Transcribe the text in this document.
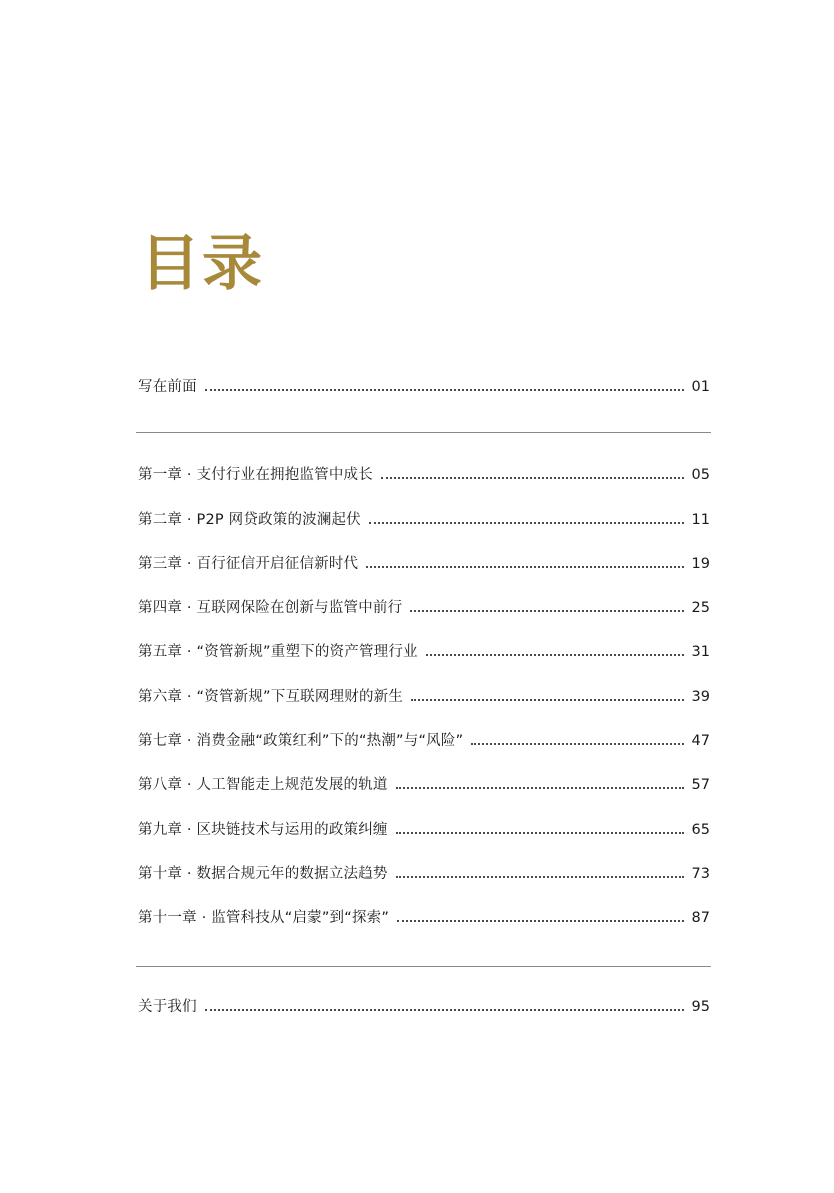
目录
写在前面	01
第一章 · 支付行业在拥抱监管中成长	05
第二章 · P2P 网贷政策的波澜起伏	11
第三章 · 百行征信开启征信新时代	19
第四章 · 互联网保险在创新与监管中前行	25
第五章 · “资管新规”重塑下的资产管理行业	31
第六章 · “资管新规”下互联网理财的新生	39
第七章 · 消费金融“政策红利”下的“热潮”与“风险”	47
第八章 · 人工智能走上规范发展的轨道	57
第九章 · 区块链技术与运用的政策纠缠	65
第十章 · 数据合规元年的数据立法趋势	73
第十一章 · 监管科技从“启蒙”到“探索”	87
关于我们	95
